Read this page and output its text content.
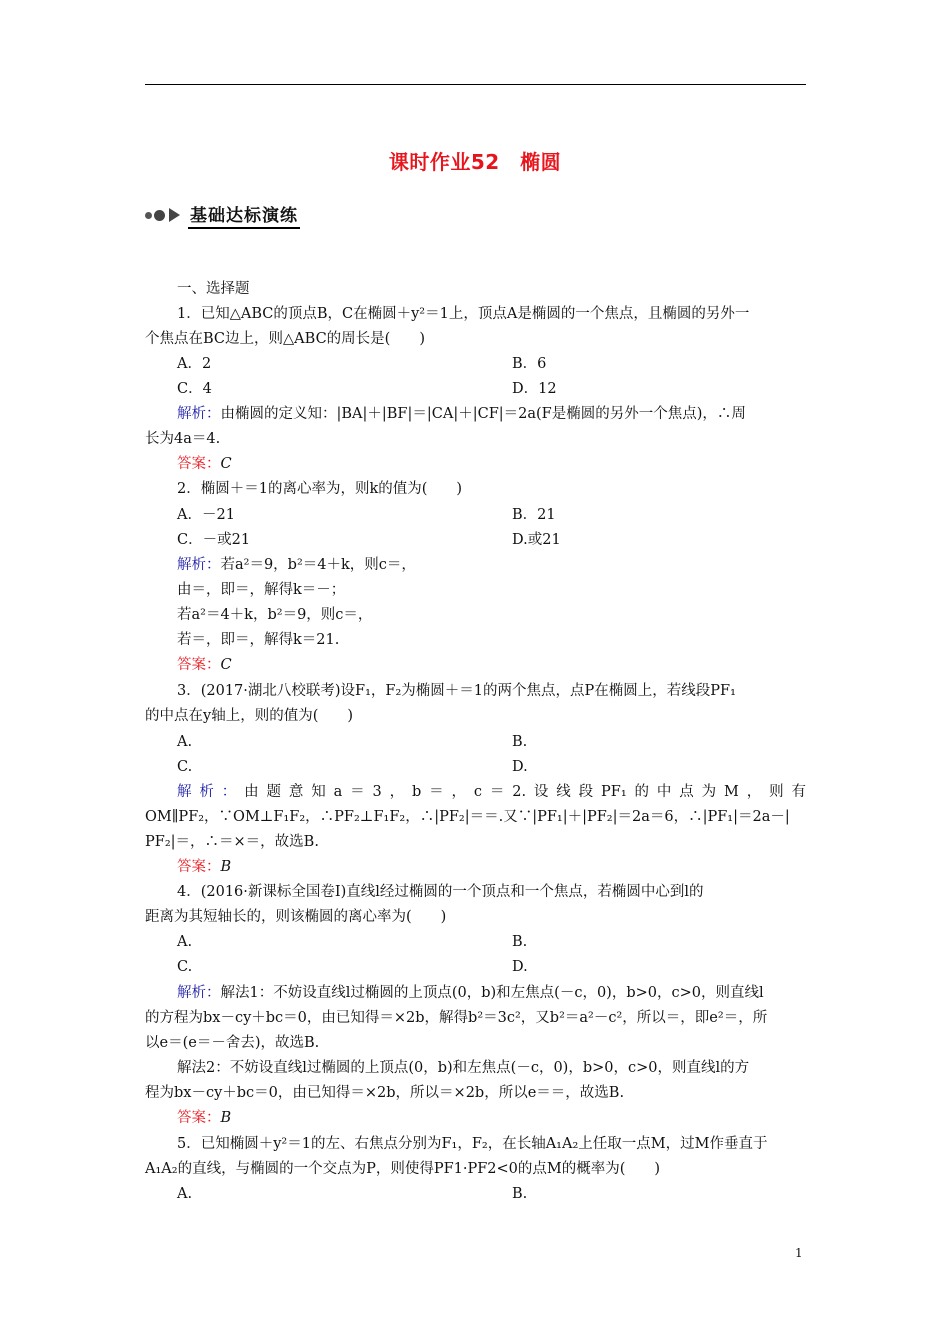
课时作业52　椭圆
基础达标演练
一、选择题
1．已知△ABC的顶点B，C在椭圆＋y²＝1上，顶点A是椭圆的一个焦点，且椭圆的另外一
个焦点在BC边上，则△ABC的周长是(　　)
A．2	B．6
C．4	D．12
解析：由椭圆的定义知：|BA|＋|BF|＝|CA|＋|CF|＝2a(F是椭圆的另外一个焦点)，∴周
长为4a＝4.
答案：C
2．椭圆＋＝1的离心率为，则k的值为(　　)
A．－21	B．21
C．－或21	D.或21
解析：若a²＝9，b²＝4＋k，则c＝，
由＝，即＝，解得k＝－；
若a²＝4＋k，b²＝9，则c＝，
若＝，即＝，解得k＝21.
答案：C
3．(2017·湖北八校联考)设F₁，F₂为椭圆＋＝1的两个焦点，点P在椭圆上，若线段PF₁
的中点在y轴上，则的值为(　　)
A.	B.
C.	D.
解析：由题意知a＝3，b＝，c＝2.设线段PF₁的中点为M，则有
OM∥PF₂，∵OM⊥F₁F₂，∴PF₂⊥F₁F₂，∴|PF₂|＝＝.又∵|PF₁|＋|PF₂|＝2a＝6，∴|PF₁|＝2a－|
PF₂|＝，∴＝×＝，故选B.
答案：B
4．(2016·新课标全国卷Ⅰ)直线l经过椭圆的一个顶点和一个焦点，若椭圆中心到l的
距离为其短轴长的，则该椭圆的离心率为(　　)
A.	B.
C.	D.
解析：解法1：不妨设直线l过椭圆的上顶点(0，b)和左焦点(－c，0)，b>0，c>0，则直线l
的方程为bx－cy＋bc＝0，由已知得＝×2b，解得b²＝3c²，又b²＝a²－c²，所以＝，即e²＝，所
以e＝(e＝－舍去)，故选B.
解法2：不妨设直线l过椭圆的上顶点(0，b)和左焦点(－c，0)，b>0，c>0，则直线l的方
程为bx－cy＋bc＝0，由已知得＝×2b，所以＝×2b，所以e＝＝，故选B.
答案：B
5．已知椭圆＋y²＝1的左、右焦点分别为F₁，F₂，在长轴A₁A₂上任取一点M，过M作垂直于
A₁A₂的直线，与椭圆的一个交点为P，则使得PF1·PF2<0的点M的概率为(　　)
A.	B.
1
